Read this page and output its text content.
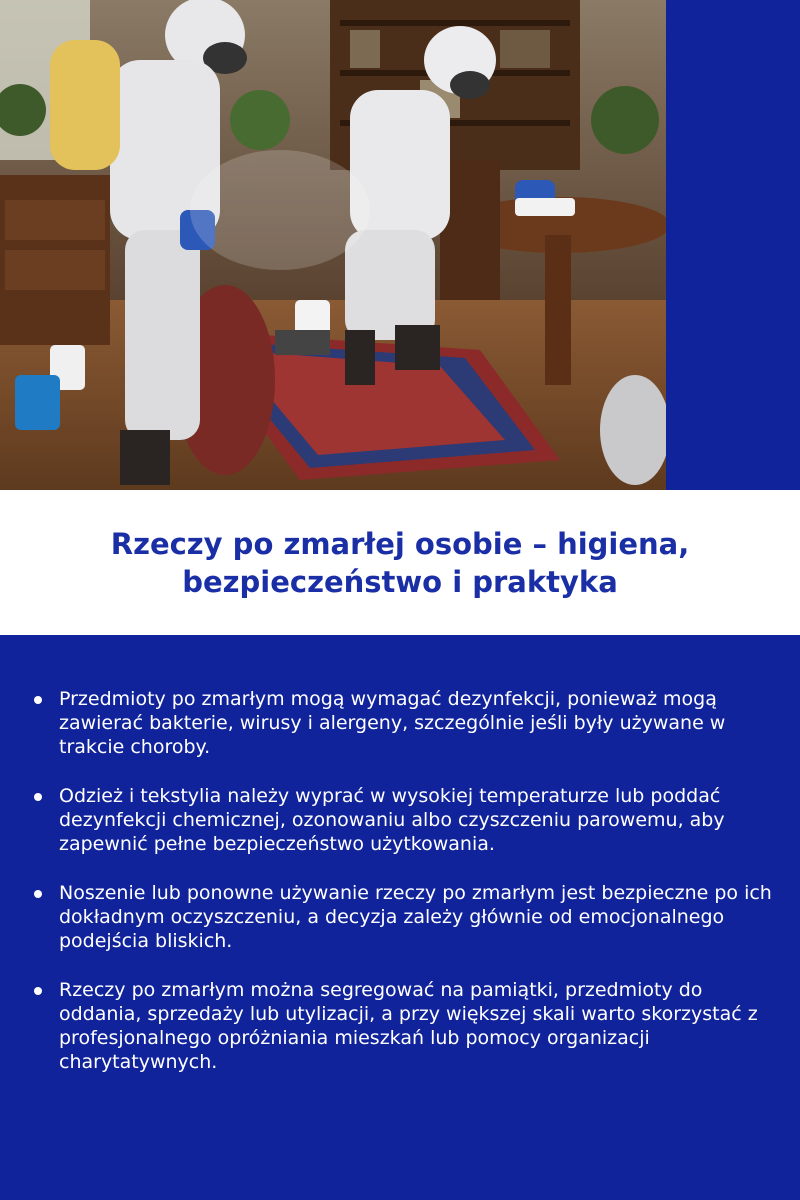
Rzeczy po zmarłej osobie – higiena, bezpieczeństwo i praktyka
Przedmioty po zmarłym mogą wymagać dezynfekcji, ponieważ mogą zawierać bakterie, wirusy i alergeny, szczególnie jeśli były używane w trakcie choroby.
Odzież i tekstylia należy wyprać w wysokiej temperaturze lub poddać dezynfekcji chemicznej, ozonowaniu albo czyszczeniu parowemu, aby zapewnić pełne bezpieczeństwo użytkowania.
Noszenie lub ponowne używanie rzeczy po zmarłym jest bezpieczne po ich dokładnym oczyszczeniu, a decyzja zależy głównie od emocjonalnego podejścia bliskich.
Rzeczy po zmarłym można segregować na pamiątki, przedmioty do oddania, sprzedaży lub utylizacji, a przy większej skali warto skorzystać z profesjonalnego opróżniania mieszkań lub pomocy organizacji charytatywnych.
